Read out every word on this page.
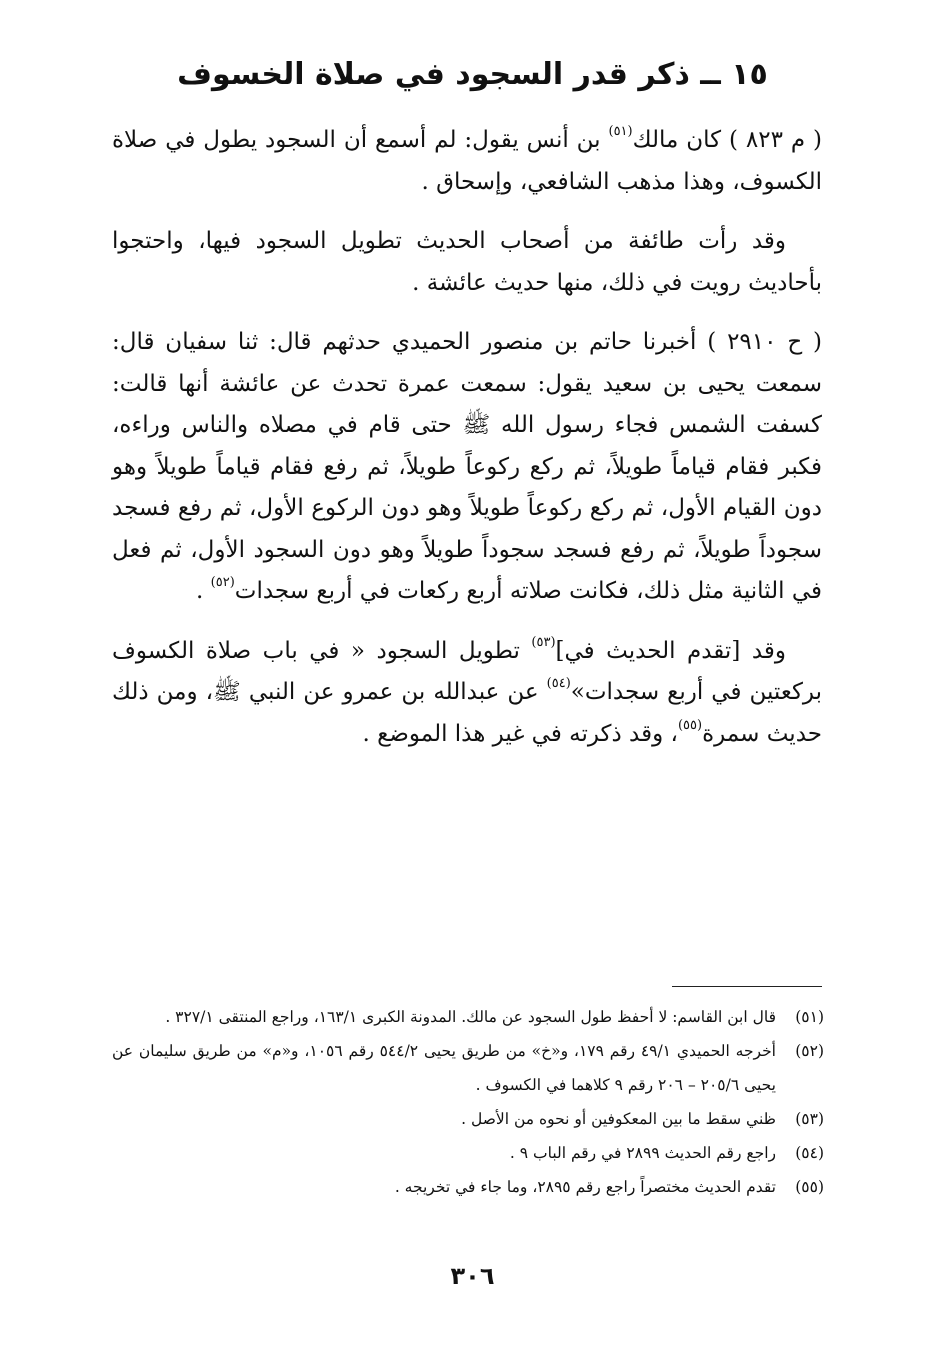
١٥ ــ ذكر قدر السجود في صلاة الخسوف

( م ٨٢٣ ) كان مالك$^{(٥١)}$ بن أنس يقول: لم أسمع أن السجود يطول في صلاة الكسوف، وهذا مذهب الشافعي، وإسحاق .

وقد رأت طائفة من أصحاب الحديث تطويل السجود فيها، واحتجوا بأحاديث رويت في ذلك، منها حديث عائشة .

( ح ٢٩١٠ ) أخبرنا حاتم بن منصور الحميدي حدثهم قال: ثنا سفيان قال: سمعت يحيى بن سعيد يقول: سمعت عمرة تحدث عن عائشة أنها قالت: كسفت الشمس فجاء رسول الله ﷺ حتى قام في مصلاه والناس وراءه، فكبر فقام قياماً طويلاً، ثم ركع ركوعاً طويلاً، ثم رفع فقام قياماً طويلاً وهو دون القيام الأول، ثم ركع ركوعاً طويلاً وهو دون الركوع الأول، ثم رفع فسجد سجوداً طويلاً، ثم رفع فسجد سجوداً طويلاً وهو دون السجود الأول، ثم فعل في الثانية مثل ذلك، فكانت صلاته أربع ركعات في أربع سجدات$^{(٥٢)}$ .

وقد [تقدم الحديث في]$^{(٥٣)}$ تطويل السجود « في باب صلاة الكسوف بركعتين في أربع سجدات»$^{(٥٤)}$ عن عبدالله بن عمرو عن النبي ﷺ، ومن ذلك حديث سمرة$^{(٥٥)}$، وقد ذكرته في غير هذا الموضع .

(٥١)
قال ابن القاسم: لا أحفظ طول السجود عن مالك. المدونة الكبرى ١٦٣/١، وراجع المنتقى ٣٢٧/١ .
(٥٢)
أخرجه الحميدي ٤٩/١ رقم ١٧٩، و«خ» من طريق يحيى ٥٤٤/٢ رقم ١٠٥٦، و«م» من طريق سليمان عن يحيى ٢٠٥/٦ – ٢٠٦ رقم ٩ كلاهما في الكسوف .
(٥٣)
ظني سقط ما بين المعكوفين أو نحوه من الأصل .
(٥٤)
راجع رقم الحديث ٢٨٩٩ في رقم الباب ٩ .
(٥٥)
تقدم الحديث مختصراً راجع رقم ٢٨٩٥، وما جاء في تخريجه .
٣٠٦
